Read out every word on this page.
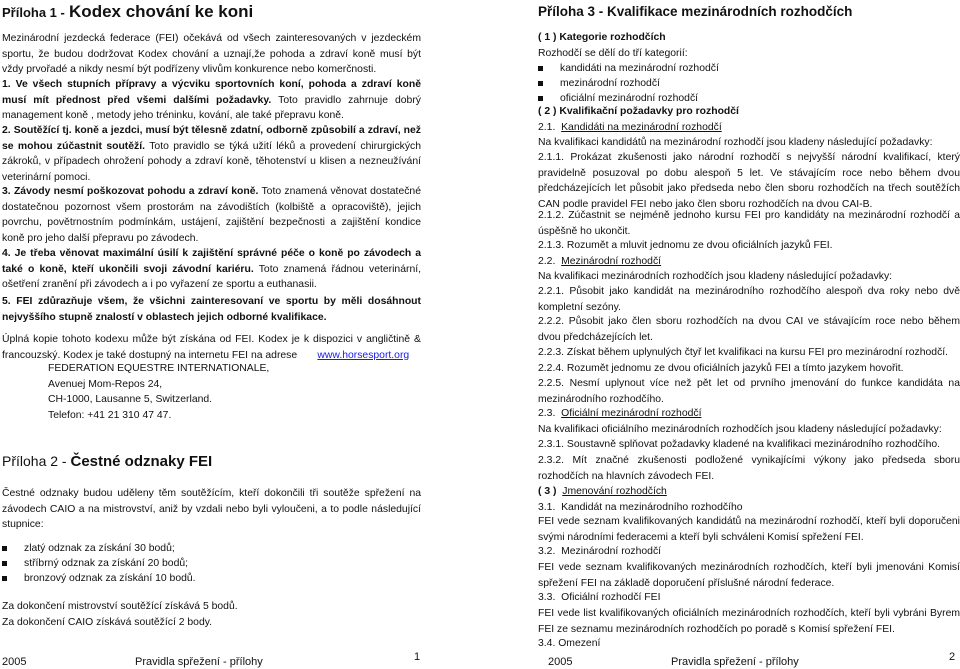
Příloha 1 - Kodex chování ke koni

Mezinárodní jezdecká federace (FEI) očekává od všech zainteresovaných v jezdeckém sportu, že budou dodržovat Kodex chování a uznají,že pohoda a zdraví koně musí být vždy prvořadé a nikdy nesmí být podřízeny vlivům konkurence nebo komerčnosti.

1. Ve všech stupních přípravy a výcviku sportovních koní, pohoda a zdraví koně musí mít přednost před všemi dalšími požadavky. Toto pravidlo zahrnuje dobrý management koně , metody jeho tréninku, kování, ale také přepravu koně.

2. Soutěžící tj. koně a jezdci, musí být tělesně zdatní, odborně způsobilí a zdraví, než se mohou zúčastnit soutěží. Toto pravidlo se týká užití léků a provedení chirurgických zákroků, v případech ohrožení pohody a zdraví koně, těhotenství u klisen a nezneužívání veterinární pomoci.

3. Závody nesmí poškozovat pohodu a zdraví koně. Toto znamená věnovat dostatečné dostatečnou pozornost všem prostorám na závodištích (kolbiště a opracoviště), jejich povrchu, povětrnostním podmínkám, ustájení, zajištění bezpečnosti a zajištění kondice koně pro jeho další přepravu po závodech.

4. Je třeba věnovat maximální úsilí k zajištění správné péče o koně po závodech a také o koně, kteří ukončili svoji závodní kariéru. Toto znamená řádnou veterinární, ošetření zranění při závodech a i po vyřazení ze sportu a euthanasii.

5. FEI zdůrazňuje všem, že všichni zainteresovaní ve sportu by měli dosáhnout nejvyššího stupně znalostí v oblastech jejich odborné kvalifikace.

Úplná kopie tohoto kodexu může být získána od FEI. Kodex je k dispozici v angličtině & francouzský. Kodex je také dostupný na internetu FEI na adrese www.horsesport.org

FEDERATION EQUESTRE INTERNATIONALE,

Avenuej Mom-Repos 24,

CH-1000, Lausanne 5, Switzerland.

Telefon: +41 21 310 47 47.

Příloha 2 - Čestné odznaky FEI

Čestné odznaky budou uděleny těm soutěžícím, kteří dokončili tři soutěže spřežení na závodech CAIO a na mistrovství, aniž by vzdali nebo byli vyloučeni, a to podle následující stupnice:

zlatý odznak za získání 30 bodů;
stříbrný odznak za získání 20 bodů;
bronzový odznak za získání 10 bodů.

Za dokončení mistrovství soutěžící získává 5 bodů.

Za dokončení CAIO získává soutěžící 2 body.

1
2005	Pravidla spřežení - přílohy

Příloha 3 - Kvalifikace mezinárodních rozhodčích

( 1 ) Kategorie rozhodčích

Rozhodčí se dělí do tří kategorií:

kandidáti na mezinárodní rozhodčí
mezinárodní rozhodčí
oficiální mezinárodní rozhodčí

( 2 ) Kvalifikační požadavky pro rozhodčí

2.1. Kandidáti na mezinárodní rozhodčí

Na kvalifikaci kandidátů na mezinárodní rozhodčí jsou kladeny následující požadavky:

2.1.1. Prokázat zkušenosti jako národní rozhodčí s nejvyšší národní kvalifikací, který pravidelně posuzoval po dobu alespoň 5 let. Ve stávajícím roce nebo během dvou předcházejících let působit jako předseda nebo člen sboru rozhodčích na třech soutěžích CAN podle pravidel FEI nebo jako člen sboru rozhodčích na dvou CAI-B.

2.1.2. Zúčastnit se nejméně jednoho kursu FEI pro kandidáty na mezinárodní rozhodčí a úspěšně ho ukončit.

2.1.3. Rozumět a mluvit jednomu ze dvou oficiálních jazyků FEI.

2.2. Mezinárodní rozhodčí

Na kvalifikaci mezinárodních rozhodčích jsou kladeny následující požadavky:

2.2.1. Působit jako kandidát na mezinárodního rozhodčího alespoň dva roky nebo dvě kompletní sezóny.

2.2.2. Působit jako člen sboru rozhodčích na dvou CAI ve stávajícím roce nebo během dvou předcházejících let.

2.2.3. Získat během uplynulých čtyř let kvalifikaci na kursu FEI pro mezinárodní rozhodčí.

2.2.4. Rozumět jednomu ze dvou oficiálních jazyků FEI a tímto jazykem hovořit.

2.2.5. Nesmí uplynout více než pět let od prvního jmenování do funkce kandidáta na mezinárodního rozhodčího.

2.3. Oficiální mezinárodní rozhodčí

Na kvalifikaci oficiálního mezinárodních rozhodčích jsou kladeny následující požadavky:

2.3.1. Soustavně splňovat požadavky kladené na kvalifikaci mezinárodního rozhodčího.

2.3.2. Mít značné zkušenosti podložené vynikajícími výkony jako předseda sboru rozhodčích na hlavních závodech FEI.

( 3 ) Jmenování rozhodčích

3.1. Kandidát na mezinárodního rozhodčího

FEI vede seznam kvalifikovaných kandidátů na mezinárodní rozhodčí, kteří byli doporučeni svými národními federacemi a kteří byli schváleni Komisí spřežení FEI.

3.2. Mezinárodní rozhodčí

FEI vede seznam kvalifikovaných mezinárodních rozhodčích, kteří byli jmenováni Komisí spřežení FEI na základě doporučení příslušné národní federace.

3.3. Oficiální rozhodčí FEI

FEI vede list kvalifikovaných oficiálních mezinárodních rozhodčích, kteří byli vybráni Byrem FEI ze seznamu mezinárodních rozhodčích po poradě s Komisí spřežení FEI.

3.4. Omezení

2
2005	Pravidla spřežení - přílohy
